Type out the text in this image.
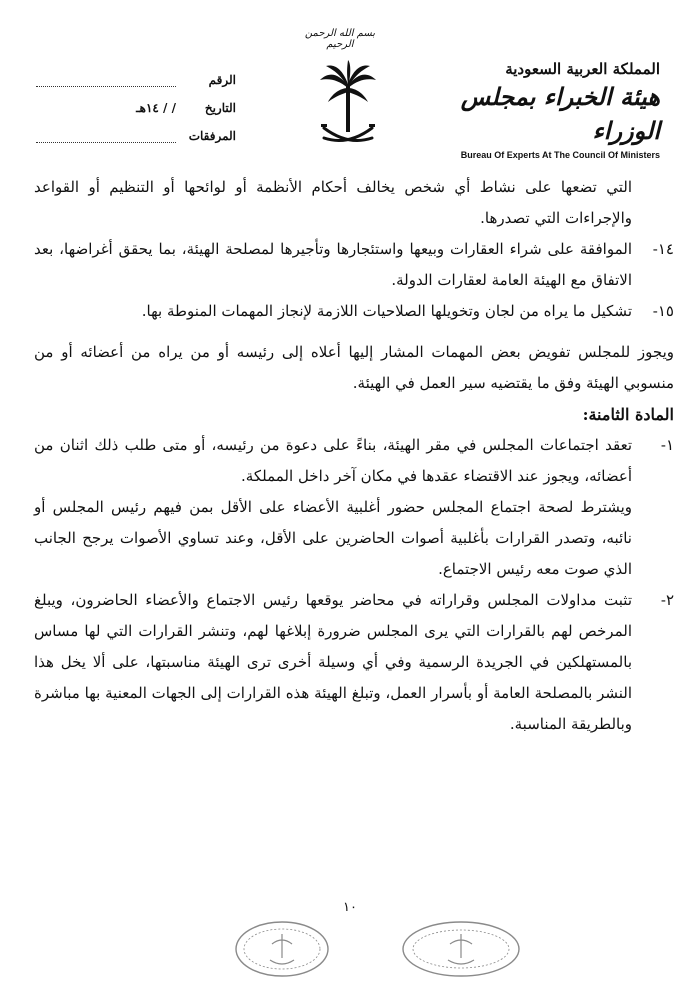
الرقم
التاريخ
/ / ١٤هـ
المرفقات
بسم الله الرحمن الرحيم
المملكة العربية السعودية
هيئة الخبراء بمجلس الوزراء
Bureau Of Experts At The Council Of Ministers

التي تضعها على نشاط أي شخص يخالف أحكام الأنظمة أو لوائحها أو التنظيم أو القواعد والإجراءات التي تصدرها.

١٤-
الموافقة على شراء العقارات وبيعها واستئجارها وتأجيرها لمصلحة الهيئة، بما يحقق أغراضها، بعد الاتفاق مع الهيئة العامة لعقارات الدولة.
١٥-
تشكيل ما يراه من لجان وتخويلها الصلاحيات اللازمة لإنجاز المهمات المنوطة بها.

ويجوز للمجلس تفويض بعض المهمات المشار إليها أعلاه إلى رئيسه أو من يراه من أعضائه أو من منسوبي الهيئة وفق ما يقتضيه سير العمل في الهيئة.

المادة الثامنة:

١-
تعقد اجتماعات المجلس في مقر الهيئة، بناءً على دعوة من رئيسه، أو متى طلب ذلك اثنان من أعضائه، ويجوز عند الاقتضاء عقدها في مكان آخر داخل المملكة.
ويشترط لصحة اجتماع المجلس حضور أغلبية الأعضاء على الأقل بمن فيهم رئيس المجلس أو نائبه، وتصدر القرارات بأغلبية أصوات الحاضرين على الأقل، وعند تساوي الأصوات يرجح الجانب الذي صوت معه رئيس الاجتماع.
٢-
تثبت مداولات المجلس وقراراته في محاضر يوقعها رئيس الاجتماع والأعضاء الحاضرون، ويبلغ المرخص لهم بالقرارات التي يرى المجلس ضرورة إبلاغها لهم، وتنشر القرارات التي لها مساس بالمستهلكين في الجريدة الرسمية وفي أي وسيلة أخرى ترى الهيئة مناسبتها، على ألا يخل هذا النشر بالمصلحة العامة أو بأسرار العمل، وتبلغ الهيئة هذه القرارات إلى الجهات المعنية بها مباشرة وبالطريقة المناسبة.
١٠
